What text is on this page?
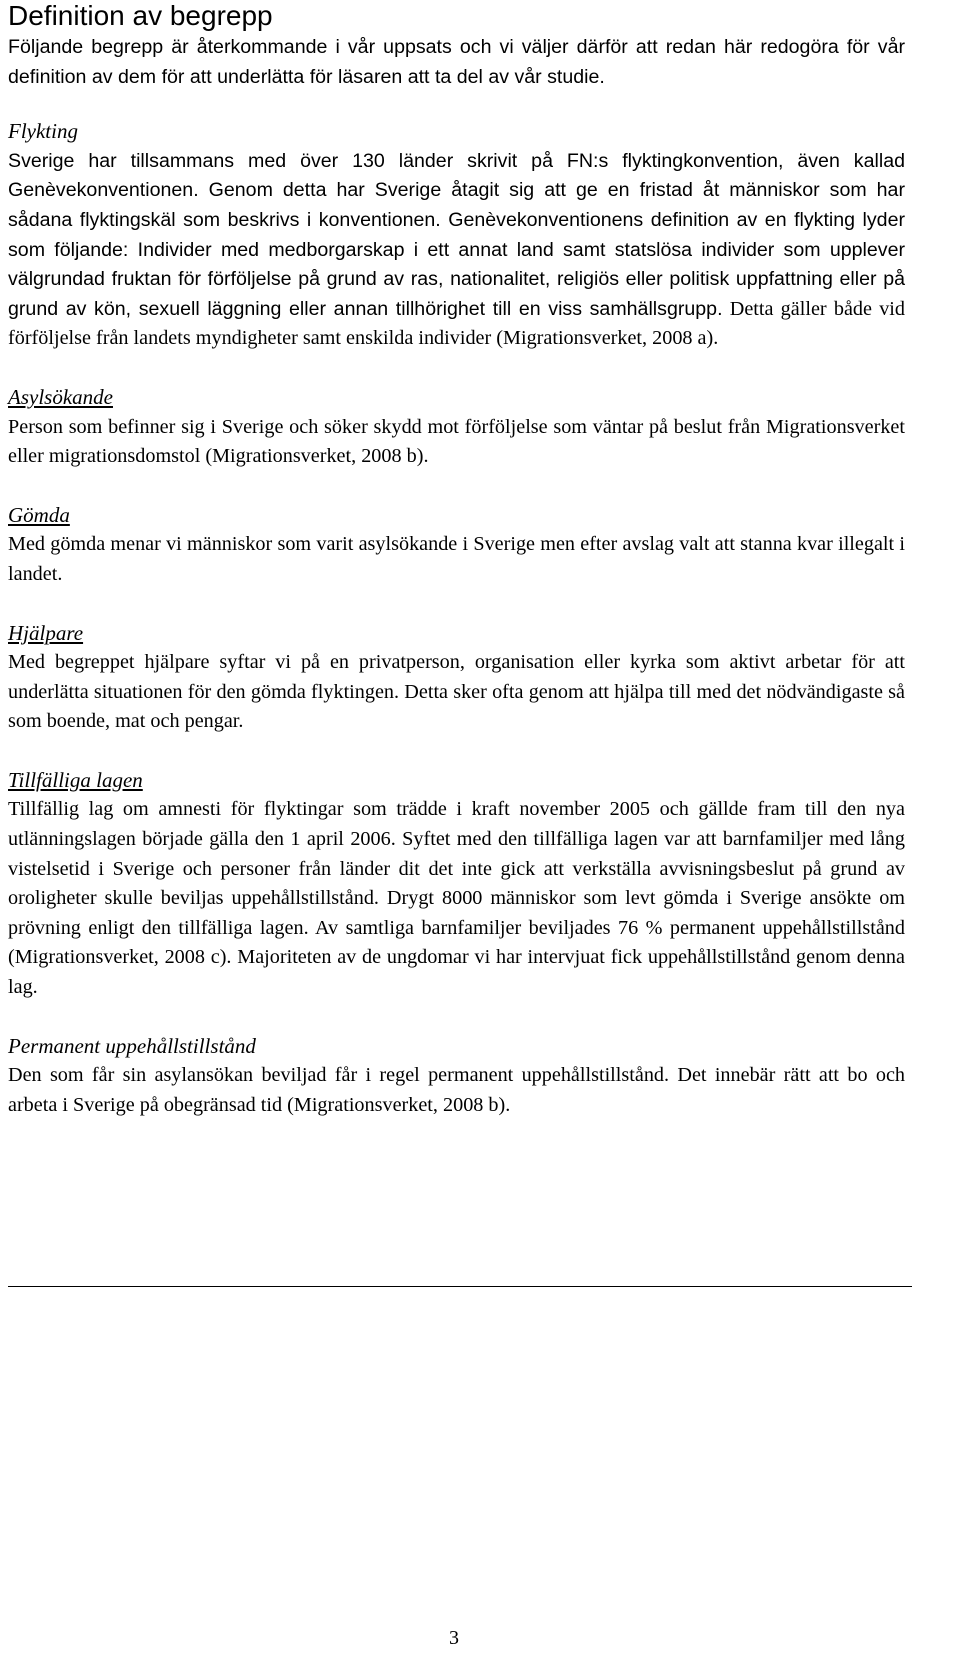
Definition av begrepp

Följande begrepp är återkommande i vår uppsats och vi väljer därför att redan här redogöra för vår definition av dem för att underlätta för läsaren att ta del av vår studie.

Flykting

Sverige har tillsammans med över 130 länder skrivit på FN:s flyktingkonvention, även kallad Genèvekonventionen. Genom detta har Sverige åtagit sig att ge en fristad åt människor som har sådana flyktingskäl som beskrivs i konventionen. Genèvekonventionens definition av en flykting lyder som följande: Individer med medborgarskap i ett annat land samt statslösa individer som upplever välgrundad fruktan för förföljelse på grund av ras, nationalitet, religiös eller politisk uppfattning eller på grund av kön, sexuell läggning eller annan tillhörighet till en viss samhällsgrupp. Detta gäller både vid förföljelse från landets myndigheter samt enskilda individer (Migrationsverket, 2008 a).

Asylsökande

Person som befinner sig i Sverige och söker skydd mot förföljelse som väntar på beslut från Migrationsverket eller migrationsdomstol (Migrationsverket, 2008 b).

Gömda

Med gömda menar vi människor som varit asylsökande i Sverige men efter avslag valt att stanna kvar illegalt i landet.

Hjälpare

Med begreppet hjälpare syftar vi på en privatperson, organisation eller kyrka som aktivt arbetar för att underlätta situationen för den gömda flyktingen. Detta sker ofta genom att hjälpa till med det nödvändigaste så som boende, mat och pengar.

Tillfälliga lagen

Tillfällig lag om amnesti för flyktingar som trädde i kraft november 2005 och gällde fram till den nya utlänningslagen började gälla den 1 april 2006. Syftet med den tillfälliga lagen var att barnfamiljer med lång vistelsetid i Sverige och personer från länder dit det inte gick att verkställa avvisningsbeslut på grund av oroligheter skulle beviljas uppehållstillstånd. Drygt 8000 människor som levt gömda i Sverige ansökte om prövning enligt den tillfälliga lagen. Av samtliga barnfamiljer beviljades 76 % permanent uppehållstillstånd (Migrationsverket, 2008 c). Majoriteten av de ungdomar vi har intervjuat fick uppehållstillstånd genom denna lag.

Permanent uppehållstillstånd

Den som får sin asylansökan beviljad får i regel permanent uppehållstillstånd. Det innebär rätt att bo och arbeta i Sverige på obegränsad tid (Migrationsverket, 2008 b).

3
